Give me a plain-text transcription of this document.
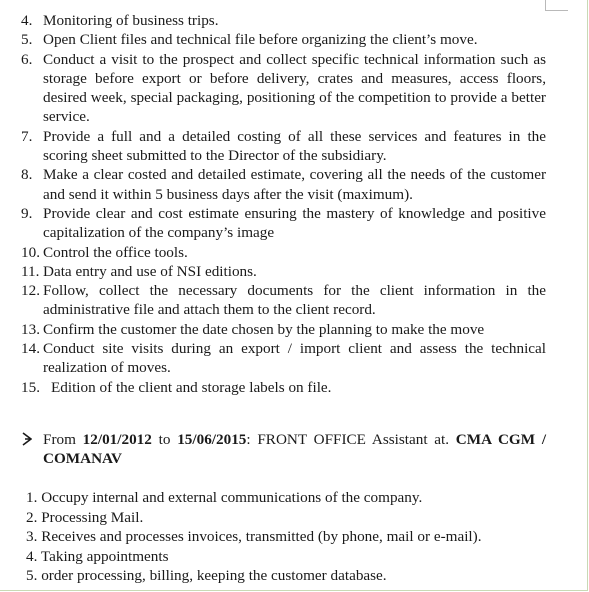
4. Monitoring of business trips.
5. Open Client files and technical file before organizing the client’s move.
6. Conduct a visit to the prospect and collect specific technical information such as storage before export or before delivery, crates and measures, access floors, desired week, special packaging, positioning of the competition to provide a better service.
7. Provide a full and a detailed costing of all these services and features in the scoring sheet submitted to the Director of the subsidiary.
8. Make a clear costed and detailed estimate, covering all the needs of the customer and send it within 5 business days after the visit (maximum).
9. Provide clear and cost estimate ensuring the mastery of knowledge and positive capitalization of the company’s image
10. Control the office tools.
11. Data entry and use of NSI editions.
12. Follow, collect the necessary documents for the client information in the administrative file and attach them to the client record.
13. Confirm the customer the date chosen by the planning to make the move
14. Conduct site visits during an export / import client and assess the technical realization of moves.
15. Edition of the client and storage labels on file.
From 12/01/2012 to 15/06/2015: FRONT OFFICE Assistant at. CMA CGM / COMANAV
1. Occupy internal and external communications of the company.
2. Processing Mail.
3. Receives and processes invoices, transmitted (by phone, mail or e-mail).
4. Taking appointments
5. order processing, billing, keeping the customer database.
